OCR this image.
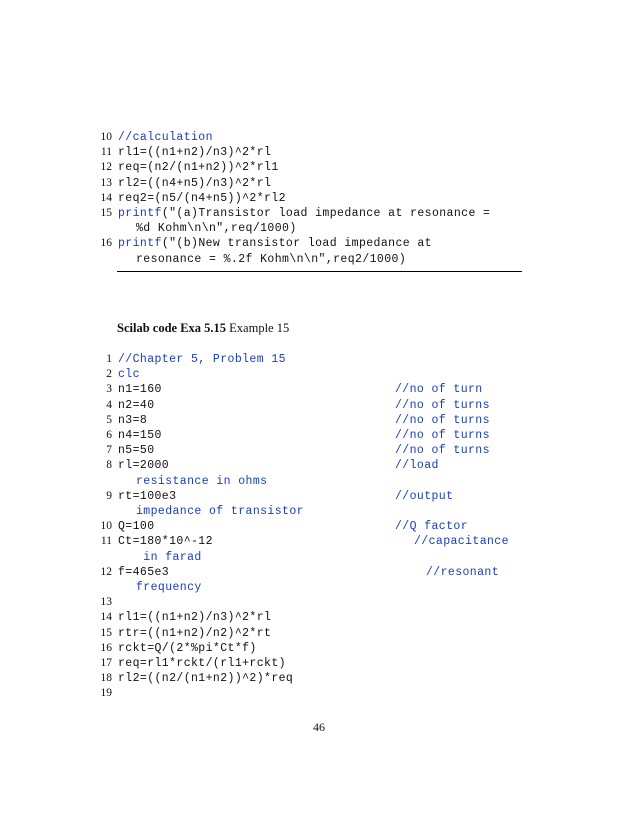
10 //calculation
11 rl1=((n1+n2)/n3)^2*rl
12 req=(n2/(n1+n2))^2*rl1
13 rl2=((n4+n5)/n3)^2*rl
14 req2=(n5/(n4+n5))^2*rl2
15 printf("(a)Transistor load impedance at resonance =
%d Kohm\n\n",req/1000)
16 printf("(b)New transistor load impedance at
resonance = %.2f Kohm\n\n",req2/1000)
Scilab code Exa 5.15 Example 15
1 //Chapter 5, Problem 15
2 clc
3 n1=160	//no of turn
4 n2=40	//no of turns
5 n3=8	//no of turns
6 n4=150	//no of turns
7 n5=50	//no of turns
8 rl=2000	//load
resistance in ohms
9 rt=100e3	//output
impedance of transistor
10 Q=100	//Q factor
11 Ct=180*10^-12	//capacitance
in farad
12 f=465e3	//resonant
frequency
13
14 rl1=((n1+n2)/n3)^2*rl
15 rtr=((n1+n2)/n2)^2*rt
16 rckt=Q/(2*%pi*Ct*f)
17 req=rl1*rckt/(rl1+rckt)
18 rl2=((n2/(n1+n2))^2)*req
19
46
